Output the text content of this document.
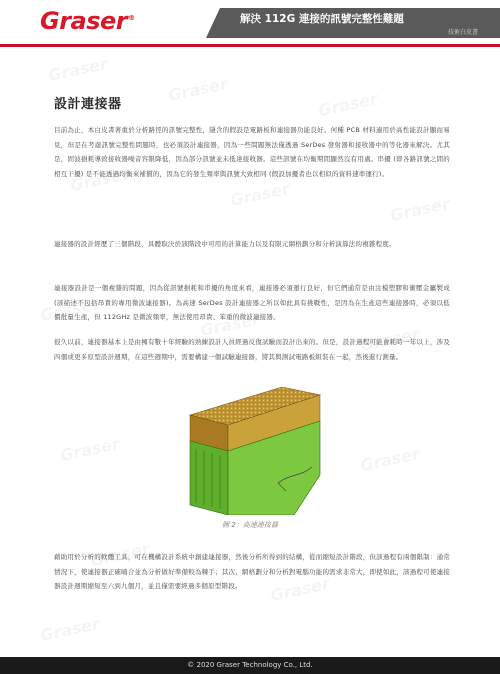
Graser®	解決 112G 連接的訊號完整性難題
技術白皮書
設計連接器
目前為止，本白皮書著重於分析路徑的訊號完整性，隱含的假設是電路板和連接器功能良好。何種 PCB 材料適用於高性能設計顯而易見，但是在考慮訊號完整性問題時，也必須設計連接器，因為一些問題無法僅透過 SerDes 發射器和接收器中的等化器來解決。尤其是，固波損耗導致接收器噪音容限降低，因為部分訊號並未抵達接收器。這些訊號在均衡期間顯然沒有用處。串擾 (即各路訊號之間的相互干擾) 是不能透過均衡來補償的，因為它的發生頻率與訊號大致相同 (假設加擾者也以相似的資料速率運行)。
連接器的設計經歷了三個階段，具體取決於該階段中可用的計算能力以及有限元網格劃分和分析演算法的複雜程度。
連接器設計是一個複雜的問題，因為從訊號損耗和串擾的角度來看，連接器必須運行良好，但它們通常是由注模塑膠和衝壓金屬製成 (該描述不包括昂貴的專用微波連接器)。為高速 SerDes 設計連接器之所以如此具有挑戰性，是因為在生產這些連接器時，必須以低價批量生產，但 112GHz 是微波頻率，無法使用昂貴、笨重的微波連接器。
很久以前，連接器基本上是由擁有數十年經驗的熟練設計人員經過反復試驗而設計出來的。但是，設計過程可能會耗時一年以上，涉及四個或更多原型設計週期，在這些週期中，需要構建一個試驗連接器，將其與測試電路板組裝在一起，然後進行測量。
圖 2：高速連接器
藉助用於分析的軟體工具，可在機構設計系統中創建連接器，然後分析所得到的結構，從而縮短設計階段，但該過程有兩個限制：通常情況下，使連接器正確嚙合並為分析做好準備較為棘手；其次，網格劃分和分析對電腦功能的需求非常大，即使如此，該過程可使連接器設計週期縮短至六到九個月，並且僅需要經過多個原型階段。
© 2020 Graser Technology Co., Ltd.
